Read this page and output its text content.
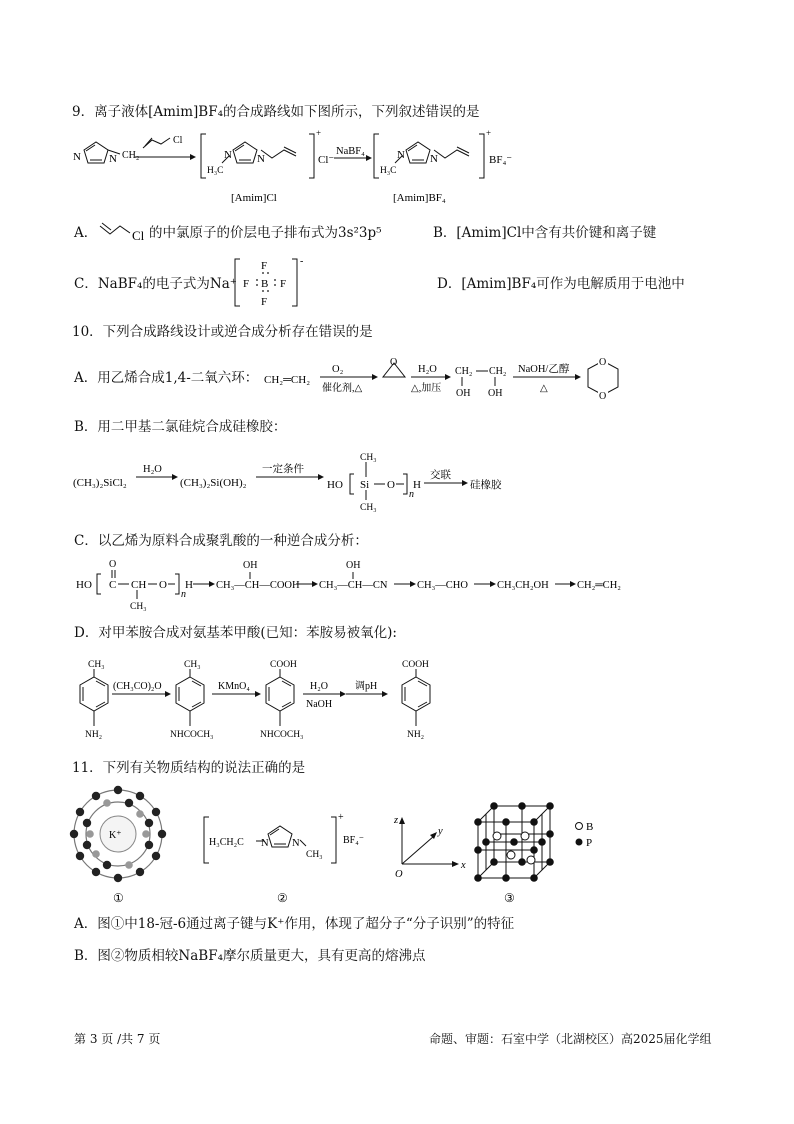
9．离子液体[Amim]BF₄的合成路线如下图所示，下列叙述错误的是
N	N CH₂
Cl
N N
H₃C
+
Cl⁻
[Amim]Cl
NaBF₄	N N
H₃C
+
BF₄⁻
[Amim]BF₄
A．	Cl 的中氯原子的价层电子排布式为3s²3p⁵	B．[Amim]Cl中含有共价键和离子键
C．NaBF₄的电子式为Na⁺
-
F
B
F
F	F	D．[Amim]BF₄可作为电解质用于电池中
10．下列合成路线设计或逆合成分析存在错误的是
A．用乙烯合成1,4-二氧六环： CH₂═CH₂
O₂
催化剂,△
O
H₂O
△,加压
CH₂ CH₂
OH OH
NaOH/乙醇
△
O
O
B．用二甲基二氯硅烷合成硅橡胶：
(CH₃)₂SiCl₂
H₂O
(CH₃)₂Si(OH)₂
一定条件
HO Si
CH₃
CH₃
O
n
H
交联
硅橡胶
C．以乙烯为原料合成聚乳酸的一种逆合成分析：
HO C
O
CH
CH₃
O
n
H CH₃—CH—COOH
OH
CH₃—CH—CN
OH
CH₃—CHO	CH₃CH₂OH	CH₂═CH₂
D．对甲苯胺合成对氨基苯甲酸(已知：苯胺易被氧化):
CH₃
NH₂
(CH₃CO)₂O
CH₃
NHCOCH₃
KMnO₄
COOH
NHCOCH₃
H₂O
NaOH
调pH
COOH
NH₂
11．下列有关物质结构的说法正确的是
K⁺
①
H₃CH₂C N N
CH₃
+
BF₄⁻
②
z
x
y
O
B
P
③
A．图①中18-冠-6通过离子键与K⁺作用，体现了超分子“分子识别”的特征
B．图②物质相较NaBF₄摩尔质量更大，具有更高的熔沸点
第 3 页 /共 7 页	命题、审题：石室中学（北湖校区）高2025届化学组
